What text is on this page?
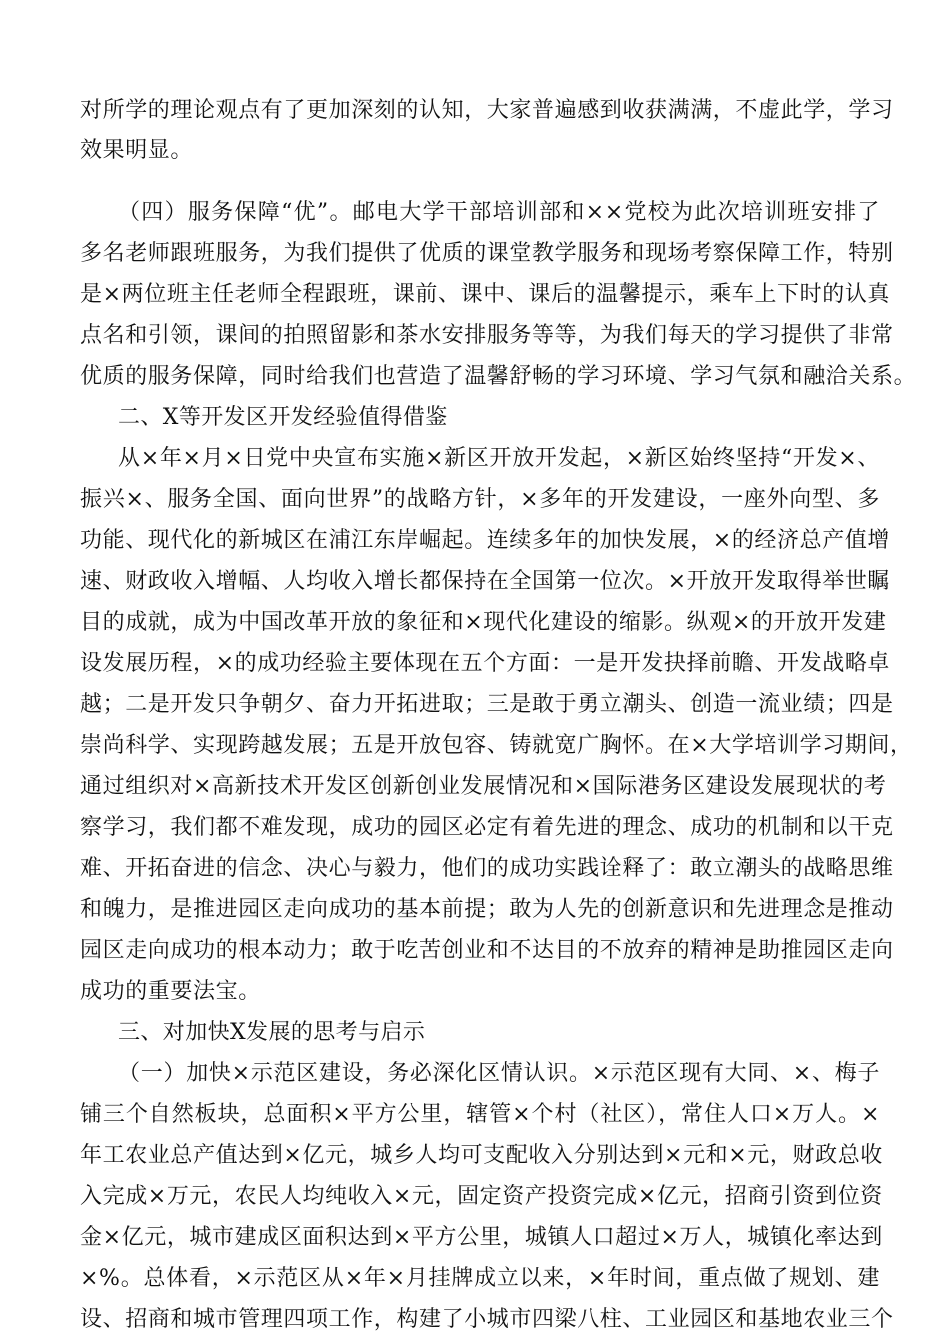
对所学的理论观点有了更加深刻的认知，大家普遍感到收获满满，不虚此学，学习
效果明显。
（四）服务保障“优”。邮电大学干部培训部和××党校为此次培训班安排了
多名老师跟班服务，为我们提供了优质的课堂教学服务和现场考察保障工作，特别
是×两位班主任老师全程跟班，课前、课中、课后的温馨提示，乘车上下时的认真
点名和引领，课间的拍照留影和茶水安排服务等等，为我们每天的学习提供了非常
优质的服务保障，同时给我们也营造了温馨舒畅的学习环境、学习气氛和融洽关系。
二、X等开发区开发经验值得借鉴
从×年×月×日党中央宣布实施×新区开放开发起，×新区始终坚持“开发×、
振兴×、服务全国、面向世界”的战略方针，×多年的开发建设，一座外向型、多
功能、现代化的新城区在浦江东岸崛起。连续多年的加快发展，×的经济总产值增
速、财政收入增幅、人均收入增长都保持在全国第一位次。×开放开发取得举世瞩
目的成就，成为中国改革开放的象征和×现代化建设的缩影。纵观×的开放开发建
设发展历程，×的成功经验主要体现在五个方面：一是开发抉择前瞻、开发战略卓
越；二是开发只争朝夕、奋力开拓进取；三是敢于勇立潮头、创造一流业绩；四是
崇尚科学、实现跨越发展；五是开放包容、铸就宽广胸怀。在×大学培训学习期间，
通过组织对×高新技术开发区创新创业发展情况和×国际港务区建设发展现状的考
察学习，我们都不难发现，成功的园区必定有着先进的理念、成功的机制和以干克
难、开拓奋进的信念、决心与毅力，他们的成功实践诠释了：敢立潮头的战略思维
和魄力，是推进园区走向成功的基本前提；敢为人先的创新意识和先进理念是推动
园区走向成功的根本动力；敢于吃苦创业和不达目的不放弃的精神是助推园区走向
成功的重要法宝。
三、对加快X发展的思考与启示
（一）加快×示范区建设，务必深化区情认识。×示范区现有大同、×、梅子
铺三个自然板块，总面积×平方公里，辖管×个村（社区），常住人口×万人。×
年工农业总产值达到×亿元，城乡人均可支配收入分别达到×元和×元，财政总收
入完成×万元，农民人均纯收入×元，固定资产投资完成×亿元，招商引资到位资
金×亿元，城市建成区面积达到×平方公里，城镇人口超过×万人，城镇化率达到
×%。总体看，×示范区从×年×月挂牌成立以来，×年时间，重点做了规划、建
设、招商和城市管理四项工作，构建了小城市四梁八柱、工业园区和基地农业三个
